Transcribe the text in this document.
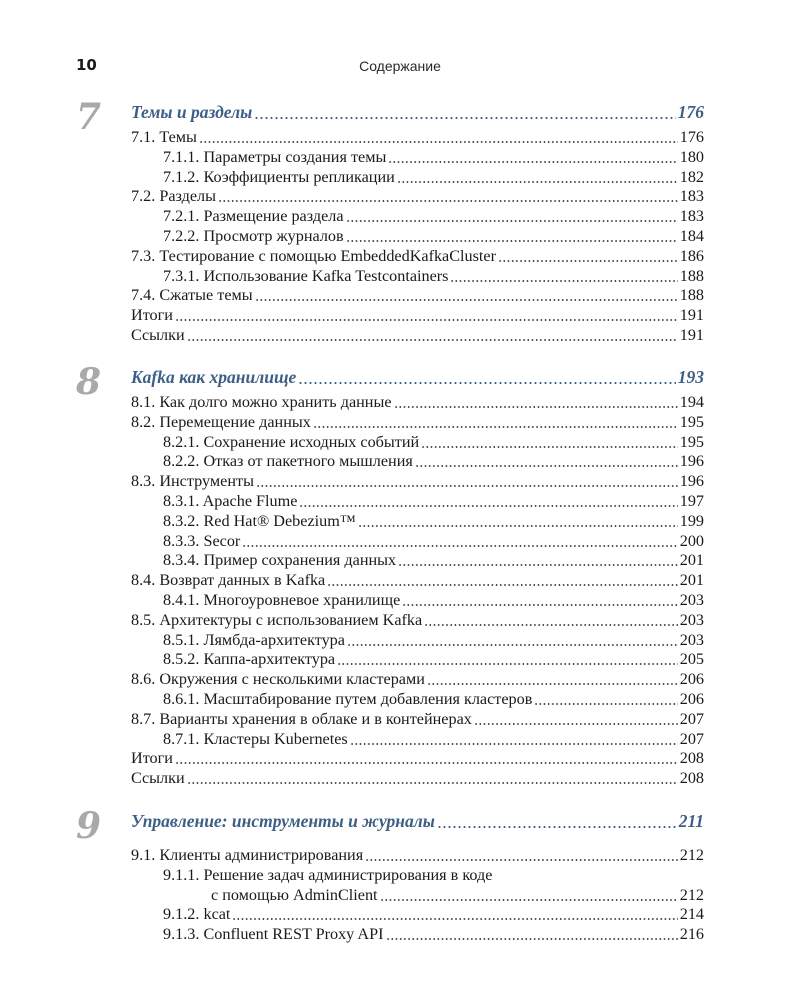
10	Содержание
7	Темы и разделы	176
7.1. Темы	176
7.1.1. Параметры создания темы	180
7.1.2. Коэффициенты репликации	182
7.2. Разделы	183
7.2.1. Размещение раздела	183
7.2.2. Просмотр журналов	184
7.3. Тестирование с помощью EmbeddedKafkaCluster	186
7.3.1. Использование Kafka Testcontainers	188
7.4. Сжатые темы	188
Итоги	191
Ссылки	191
8	Kafka как хранилище	193
8.1. Как долго можно хранить данные	194
8.2. Перемещение данных	195
8.2.1. Сохранение исходных событий	195
8.2.2. Отказ от пакетного мышления	196
8.3. Инструменты	196
8.3.1. Apache Flume	197
8.3.2. Red Hat® Debezium™	199
8.3.3. Secor	200
8.3.4. Пример сохранения данных	201
8.4. Возврат данных в Kafka	201
8.4.1. Многоуровневое хранилище	203
8.5. Архитектуры с использованием Kafka	203
8.5.1. Лямбда-архитектура	203
8.5.2. Каппа-архитектура	205
8.6. Окружения с несколькими кластерами	206
8.6.1. Масштабирование путем добавления кластеров	206
8.7. Варианты хранения в облаке и в контейнерах	207
8.7.1. Кластеры Kubernetes	207
Итоги	208
Ссылки	208
9	Управление: инструменты и журналы	211
9.1. Клиенты администрирования	212
9.1.1. Решение задач администрирования в коде
с помощью AdminClient	212
9.1.2. kcat	214
9.1.3. Confluent REST Proxy API	216
